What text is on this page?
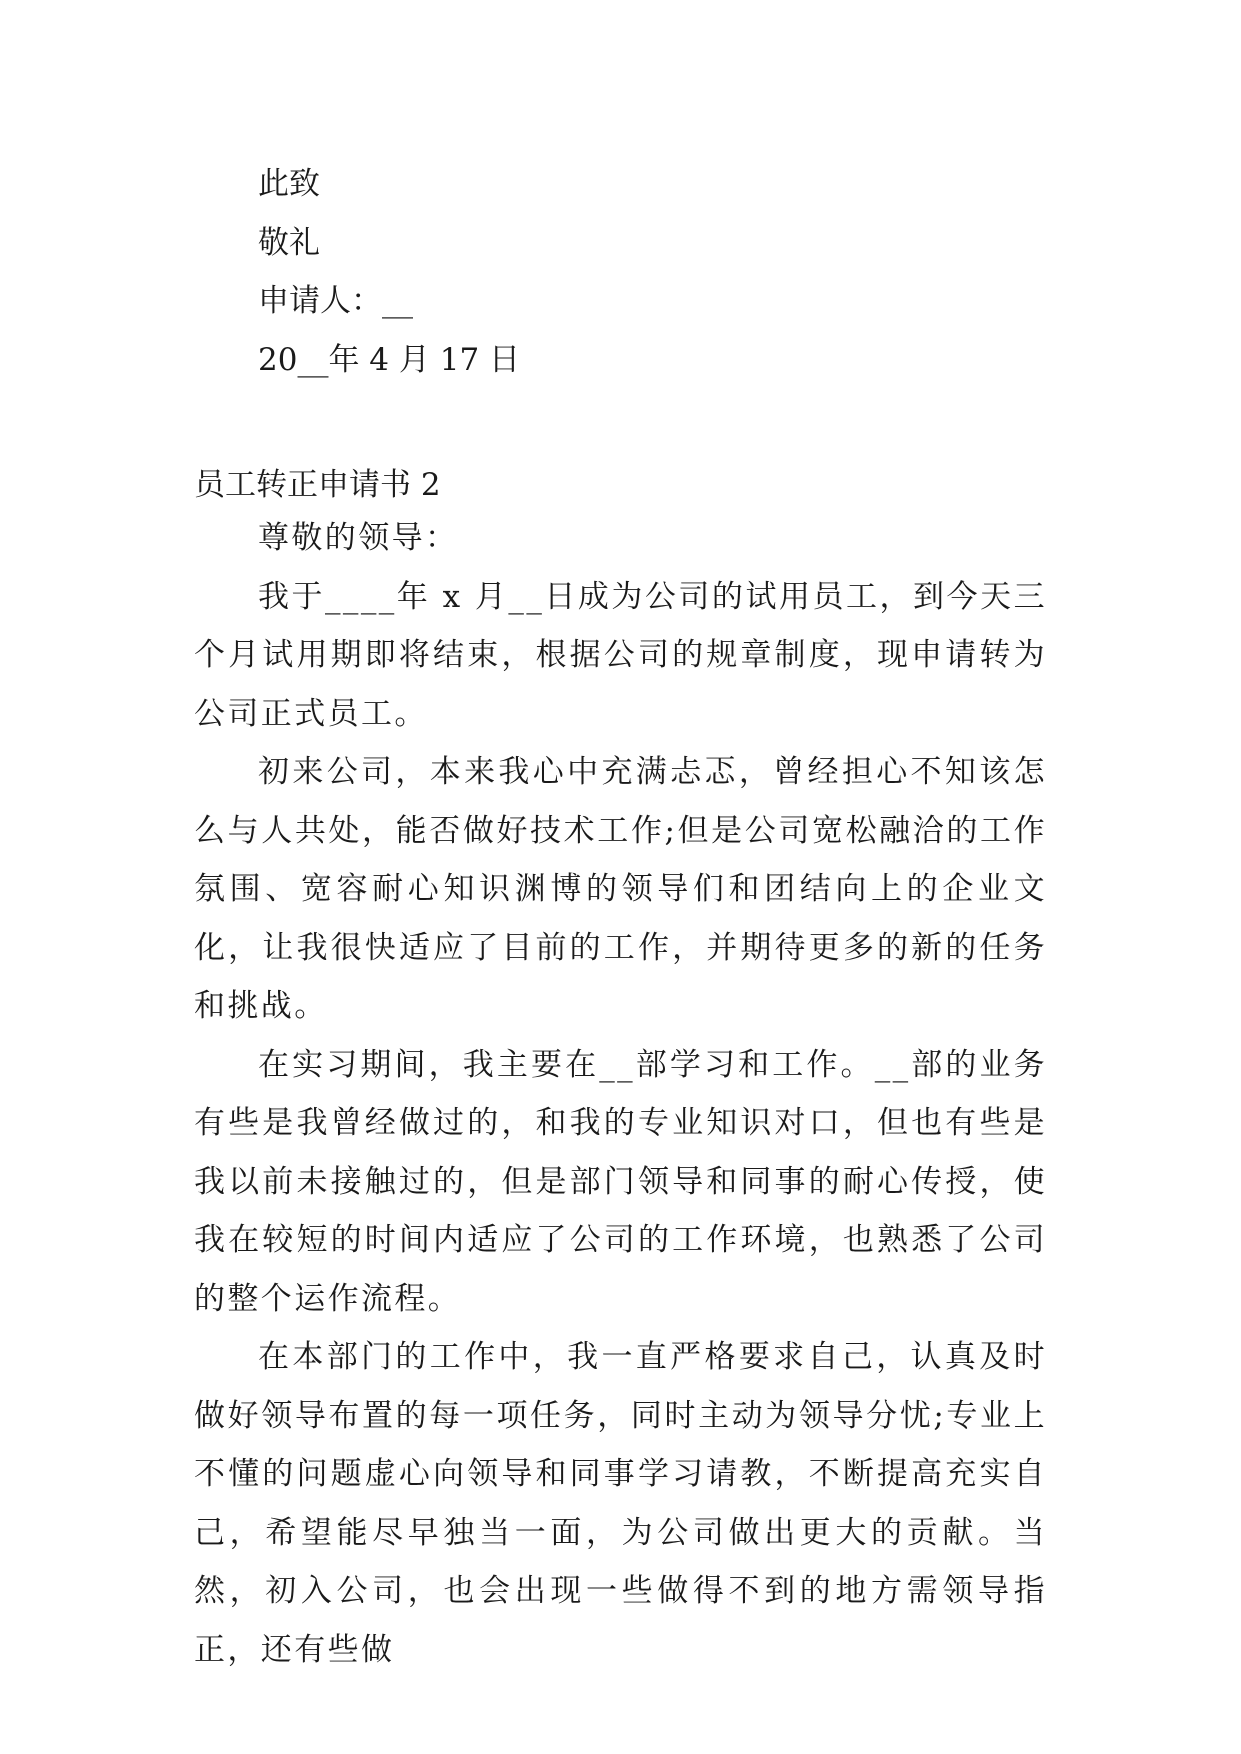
此致
敬礼
申请人：__
20__年 4 月 17 日
员工转正申请书 2

尊敬的领导：

我于____年 x 月__日成为公司的试用员工，到今天三个月试用期即将结束，根据公司的规章制度，现申请转为公司正式员工。

初来公司，本来我心中充满忐忑，曾经担心不知该怎么与人共处，能否做好技术工作;但是公司宽松融洽的工作氛围、宽容耐心知识渊博的领导们和团结向上的企业文化，让我很快适应了目前的工作，并期待更多的新的任务和挑战。

在实习期间，我主要在__部学习和工作。__部的业务有些是我曾经做过的，和我的专业知识对口，但也有些是我以前未接触过的，但是部门领导和同事的耐心传授，使我在较短的时间内适应了公司的工作环境，也熟悉了公司的整个运作流程。

在本部门的工作中，我一直严格要求自己，认真及时做好领导布置的每一项任务，同时主动为领导分忧;专业上不懂的问题虚心向领导和同事学习请教，不断提高充实自己，希望能尽早独当一面，为公司做出更大的贡献。当然，初入公司，也会出现一些做得不到的地方需领导指正，还有些做
